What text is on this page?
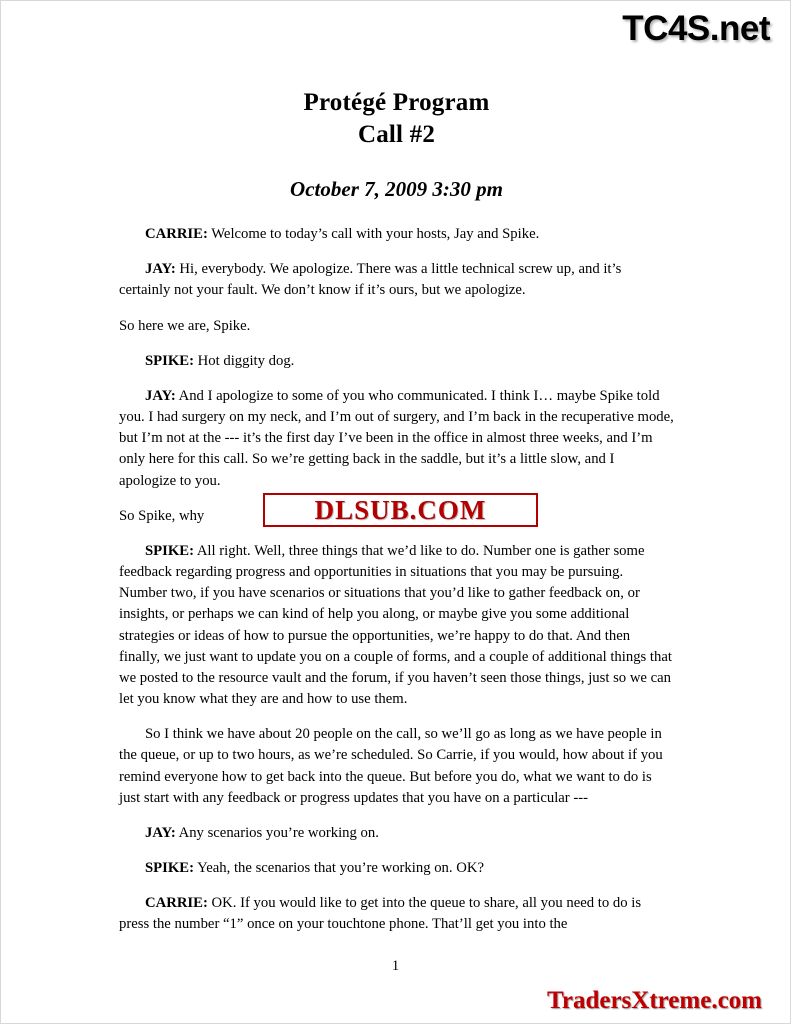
TC4S.net
Protégé Program
Call #2
October 7, 2009 3:30 pm

CARRIE: Welcome to today’s call with your hosts, Jay and Spike.

JAY: Hi, everybody. We apologize. There was a little technical screw up, and it’s certainly not your fault. We don’t know if it’s ours, but we apologize.

So here we are, Spike.

SPIKE: Hot diggity dog.

JAY: And I apologize to some of you who communicated. I think I… maybe Spike told you. I had surgery on my neck, and I’m out of surgery, and I’m back in the recuperative mode, but I’m not at the --- it’s the first day I’ve been in the office in almost three weeks, and I’m only here for this call. So we’re getting back in the saddle, but it’s a little slow, and I apologize to you.

So Spike, why

SPIKE: All right. Well, three things that we’d like to do. Number one is gather some feedback regarding progress and opportunities in situations that you may be pursuing. Number two, if you have scenarios or situations that you’d like to gather feedback on, or insights, or perhaps we can kind of help you along, or maybe give you some additional strategies or ideas of how to pursue the opportunities, we’re happy to do that. And then finally, we just want to update you on a couple of forms, and a couple of additional things that we posted to the resource vault and the forum, if you haven’t seen those things, just so we can let you know what they are and how to use them.

So I think we have about 20 people on the call, so we’ll go as long as we have people in the queue, or up to two hours, as we’re scheduled. So Carrie, if you would, how about if you remind everyone how to get back into the queue. But before you do, what we want to do is just start with any feedback or progress updates that you have on a particular ---

JAY: Any scenarios you’re working on.

SPIKE: Yeah, the scenarios that you’re working on. OK?

CARRIE: OK. If you would like to get into the queue to share, all you need to do is press the number “1” once on your touchtone phone. That’ll get you into the

DLSUB.COM
1
TradersXtreme.com
